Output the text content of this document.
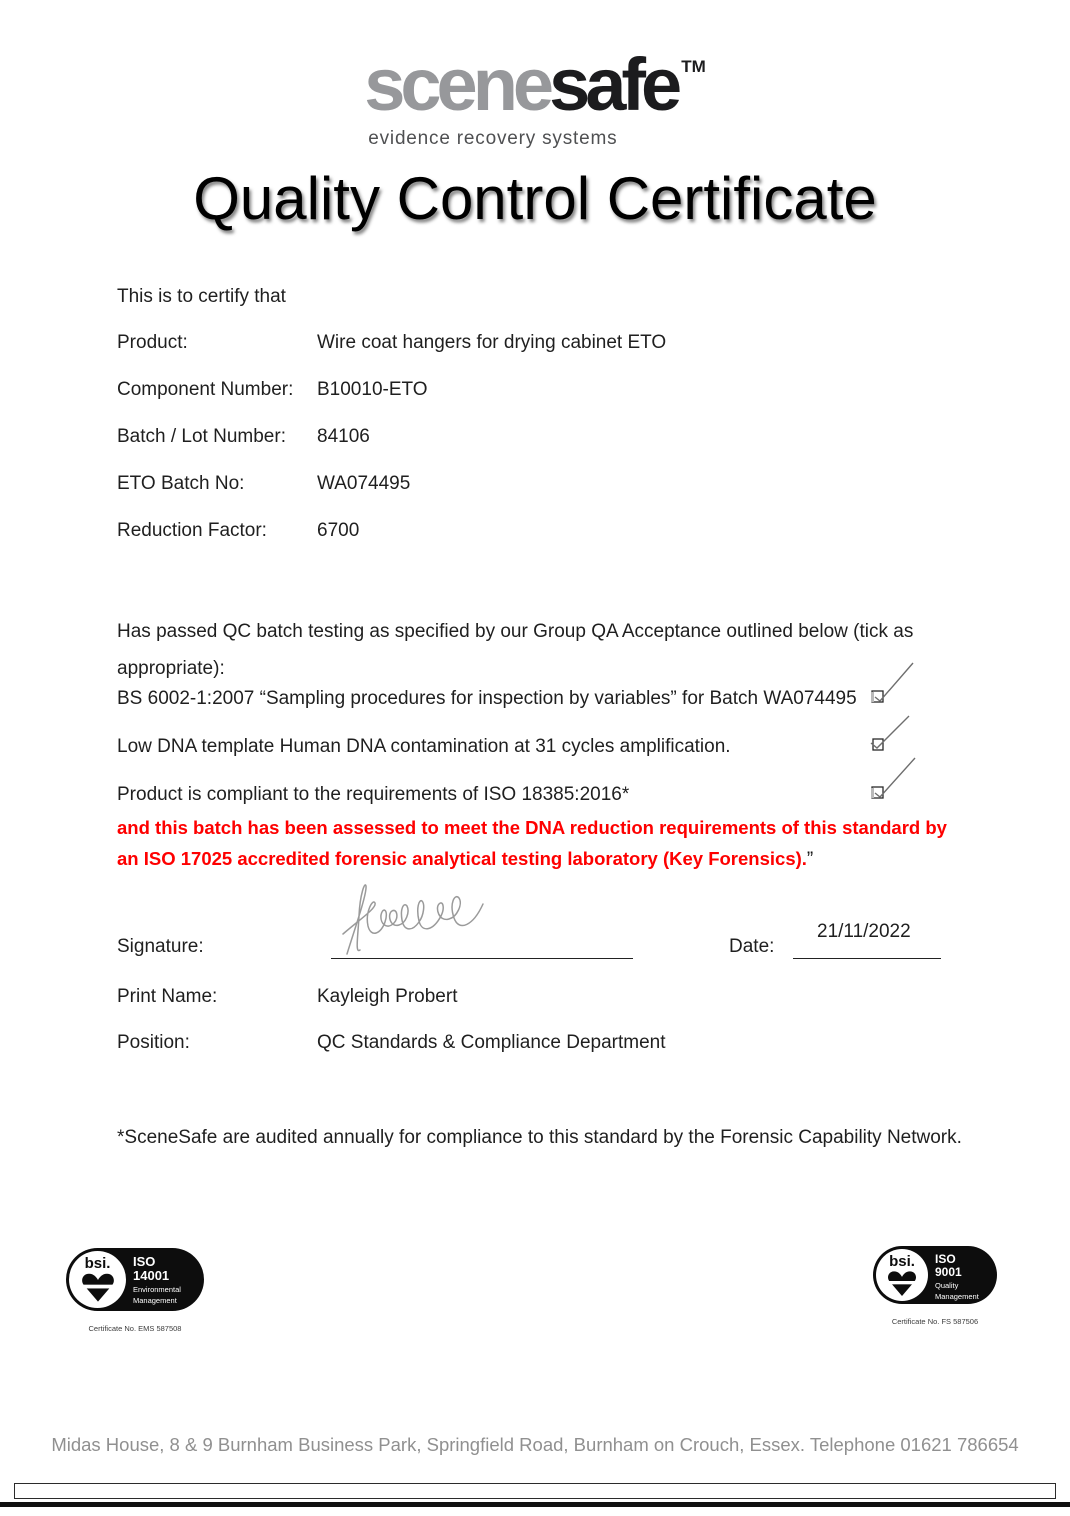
scenesafe ™
evidence recovery systems
Quality Control Certificate

This is to certify that

Product:	Wire coat hangers for drying cabinet ETO
Component Number:	B10010-ETO
Batch / Lot Number:	84106
ETO Batch No:	WA074495
Reduction Factor:	6700

Has passed QC batch testing as specified by our Group QA Acceptance outlined below (tick as appropriate):

BS 6002-1:2007 “Sampling procedures for inspection by variables” for Batch WA074495
Low DNA template Human DNA contamination at 31 cycles amplification.
Product is compliant to the requirements of ISO 18385:2016*

and this batch has been assessed to meet the DNA reduction requirements of this standard by an ISO 17025 accredited forensic analytical testing laboratory (Key Forensics).”

Signature:	Date:
21/11/2022
Print Name:	Kayleigh Probert
Position:	QC Standards & Compliance Department

*SceneSafe are audited annually for compliance to this standard by the Forensic Capability Network.

bsi. ISO
14001
Environmental
Management
Certificate No. EMS 587508
bsi. ISO
9001
Quality
Management
Certificate No. FS 587506

Midas House, 8 & 9 Burnham Business Park, Springfield Road, Burnham on Crouch, Essex. Telephone 01621 786654
